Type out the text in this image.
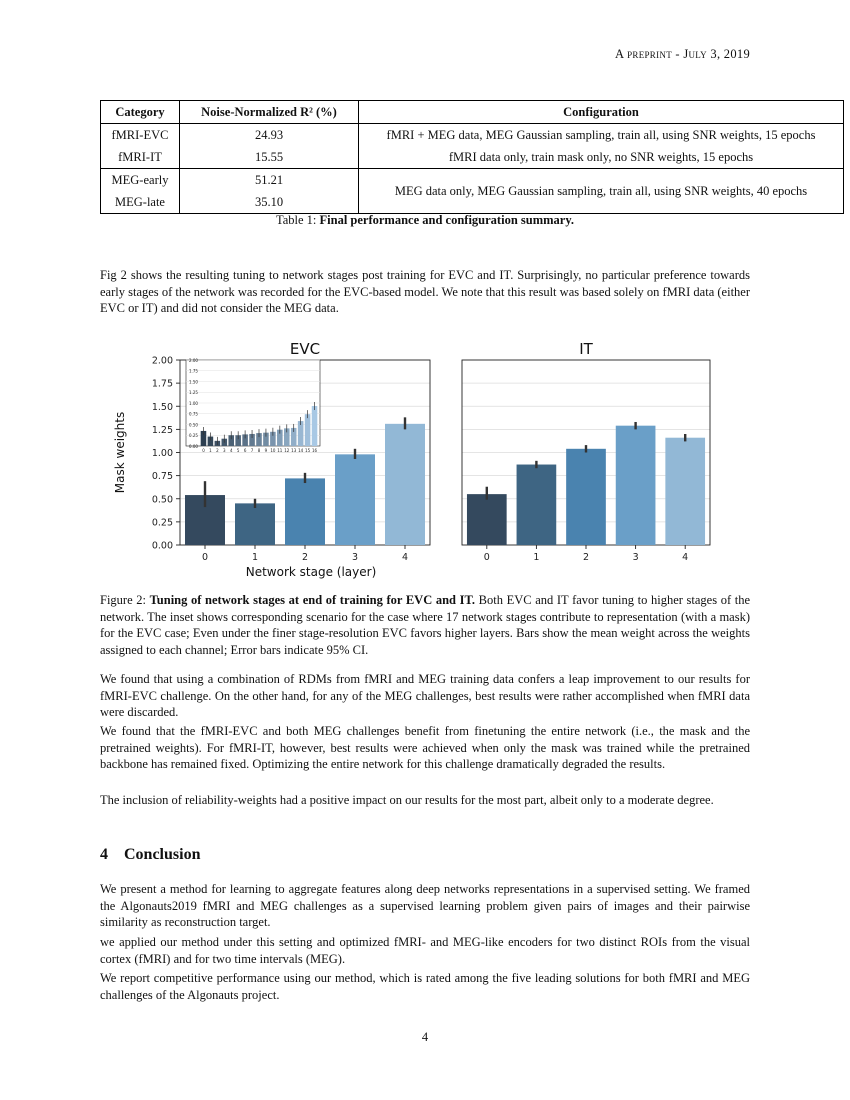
A preprint - July 3, 2019
Category	Noise-Normalized R² (%)	Configuration
fMRI-EVC	24.93	fMRI + MEG data, MEG Gaussian sampling, train all, using SNR weights, 15 epochs
fMRI-IT	15.55	fMRI data only, train mask only, no SNR weights, 15 epochs
MEG-early	51.21	MEG data only, MEG Gaussian sampling, train all, using SNR weights, 40 epochs
MEG-late	35.10	
Table 1: Final performance and configuration summary.

Fig 2 shows the resulting tuning to network stages post training for EVC and IT. Surprisingly, no particular preference towards early stages of the network was recorded for the EVC-based model. We note that this result was based solely on fMRI data (either EVC or IT) and did not consider the MEG data.

0	1	2	3	4
EVC
0.00
0.25
0.50
0.75
1.00
1.25
1.50
1.75
2.00
Mask weights
Network stage (layer)
0	1	2	3	4
IT
0.00
0.25
0.50
0.75
1.00
1.25
1.50
1.75
2.00
0 1 2 3 4 5 6 7 8 9 10 11 12 13 14 15 16

Figure 2: Tuning of network stages at end of training for EVC and IT. Both EVC and IT favor tuning to higher stages of the network. The inset shows corresponding scenario for the case where 17 network stages contribute to representation (with a mask) for the EVC case; Even under the finer stage-resolution EVC favors higher layers. Bars show the mean weight across the weights assigned to each channel; Error bars indicate 95% CI.

We found that using a combination of RDMs from fMRI and MEG training data confers a leap improvement to our results for fMRI-EVC challenge. On the other hand, for any of the MEG challenges, best results were rather accomplished when fMRI data were discarded.

We found that the fMRI-EVC and both MEG challenges benefit from finetuning the entire network (i.e., the mask and the pretrained weights). For fMRI-IT, however, best results were achieved when only the mask was trained while the pretrained backbone has remained fixed. Optimizing the entire network for this challenge dramatically degraded the results.

The inclusion of reliability-weights had a positive impact on our results for the most part, albeit only to a moderate degree.

4 Conclusion

We present a method for learning to aggregate features along deep networks representations in a supervised setting. We framed the Algonauts2019 fMRI and MEG challenges as a supervised learning problem given pairs of images and their pairwise similarity as reconstruction target.

we applied our method under this setting and optimized fMRI- and MEG-like encoders for two distinct ROIs from the visual cortex (fMRI) and for two time intervals (MEG).

We report competitive performance using our method, which is rated among the five leading solutions for both fMRI and MEG challenges of the Algonauts project.

4
